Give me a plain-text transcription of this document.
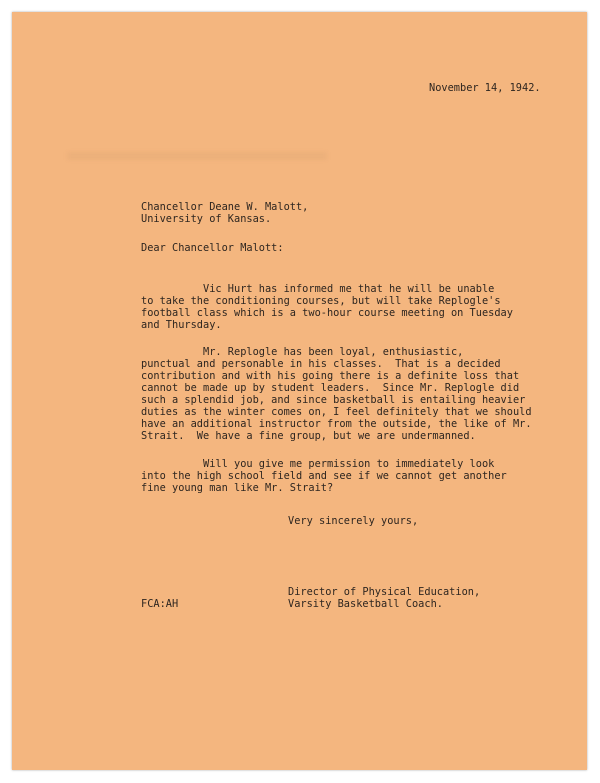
November 14, 1942.
Chancellor Deane W. Malott,
University of Kansas.
Dear Chancellor Malott:
Vic Hurt has informed me that he will be unable
to take the conditioning courses, but will take Replogle's
football class which is a two-hour course meeting on Tuesday
and Thursday.
Mr. Replogle has been loyal, enthusiastic,
punctual and personable in his classes.  That is a decided
contribution and with his going there is a definite loss that
cannot be made up by student leaders.  Since Mr. Replogle did
such a splendid job, and since basketball is entailing heavier
duties as the winter comes on, I feel definitely that we should
have an additional instructor from the outside, the like of Mr.
Strait.  We have a fine group, but we are undermanned.
Will you give me permission to immediately look
into the high school field and see if we cannot get another
fine young man like Mr. Strait?
Very sincerely yours,
Director of Physical Education,
Varsity Basketball Coach.
FCA:AH
